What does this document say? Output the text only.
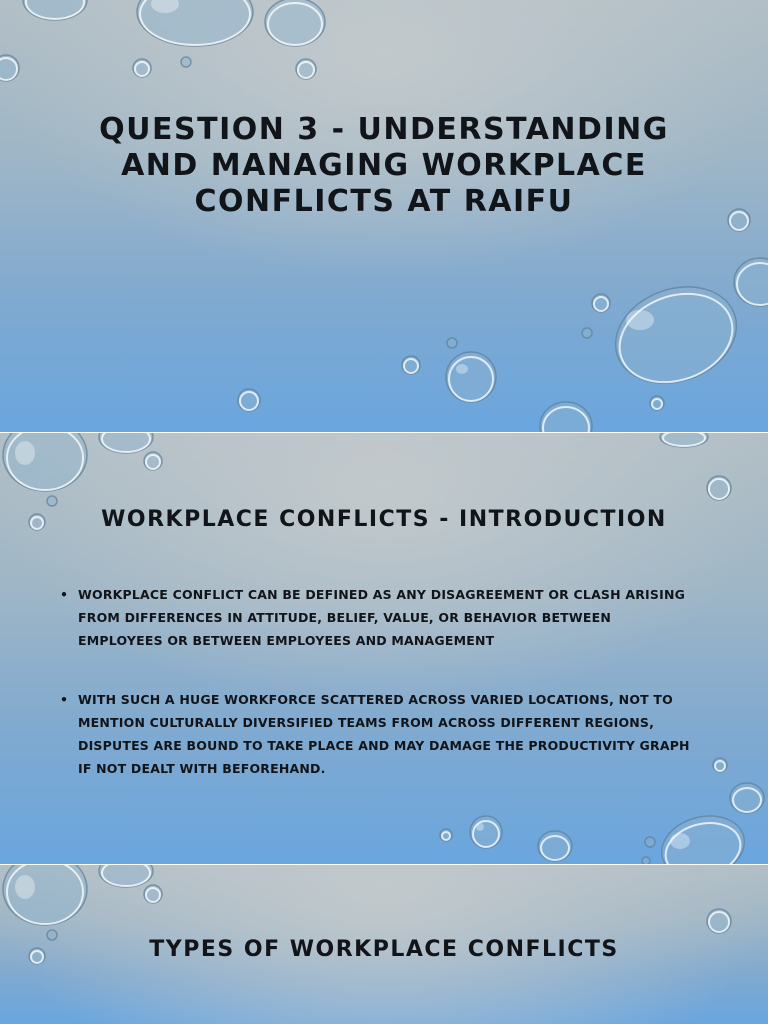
QUESTION 3 - UNDERSTANDING AND MANAGING WORKPLACE CONFLICTS AT RAIFU
WORKPLACE CONFLICTS - INTRODUCTION
• WORKPLACE CONFLICT CAN BE DEFINED AS ANY DISAGREEMENT OR CLASH ARISING FROM DIFFERENCES IN ATTITUDE, BELIEF, VALUE, OR BEHAVIOR BETWEEN EMPLOYEES OR BETWEEN EMPLOYEES AND MANAGEMENT
• WITH SUCH A HUGE WORKFORCE SCATTERED ACROSS VARIED LOCATIONS, NOT TO MENTION CULTURALLY DIVERSIFIED TEAMS FROM ACROSS DIFFERENT REGIONS, DISPUTES ARE BOUND TO TAKE PLACE AND MAY DAMAGE THE PRODUCTIVITY GRAPH IF NOT DEALT WITH BEFOREHAND.
TYPES OF WORKPLACE CONFLICTS
